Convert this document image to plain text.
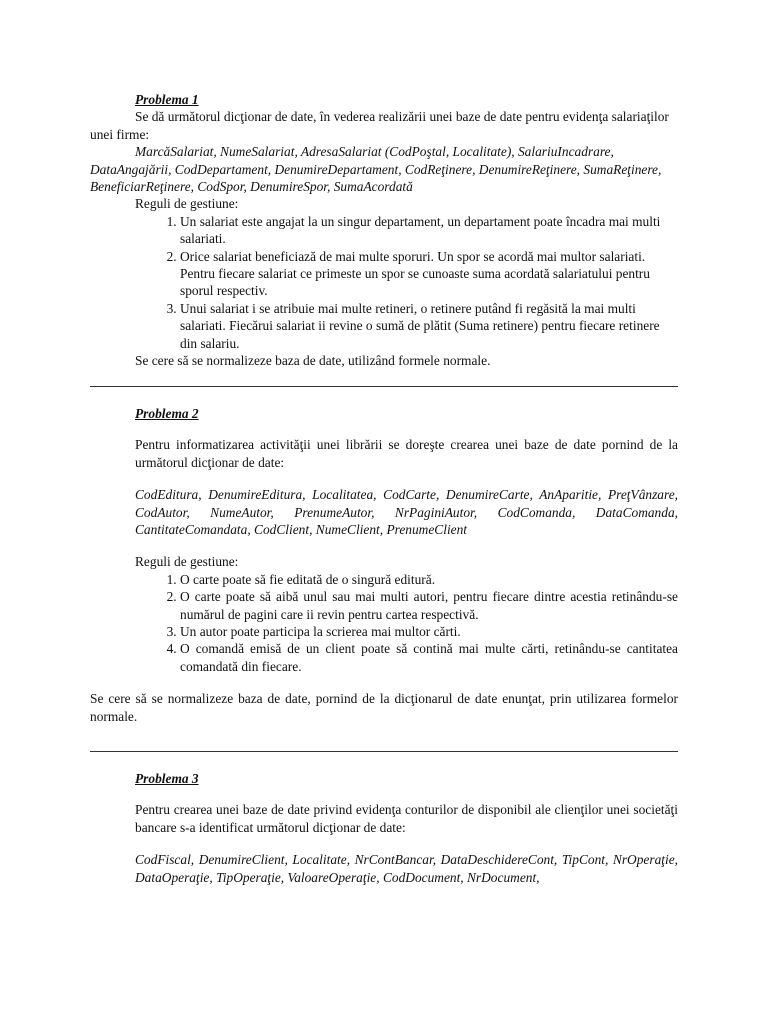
Problema 1

Se dă următorul dicţionar de date, în vederea realizării unei baze de date pentru evidenţa salariaţilor unei firme:

MarcăSalariat, NumeSalariat, AdresaSalariat (CodPoştal, Localitate), SalariuIncadrare, DataAngajării, CodDepartament, DenumireDepartament, CodReţinere, DenumireReţinere, SumaReţinere, BeneficiarReţinere, CodSpor, DenumireSpor, SumaAcordată

Reguli de gestiune:

1. Un salariat este angajat la un singur departament, un departament poate încadra mai multi salariati.
2. Orice salariat beneficiază de mai multe sporuri. Un spor se acordă mai multor salariati. Pentru fiecare salariat ce primeste un spor se cunoaste suma acordată salariatului pentru sporul respectiv.
3. Unui salariat i se atribuie mai multe retineri, o retinere putând fi regăsită la mai multi salariati. Fiecărui salariat ii revine o sumă de plătit (Suma retinere) pentru fiecare retinere din salariu.

Se cere să se normalizeze baza de date, utilizând formele normale.

Problema 2

Pentru informatizarea activităţii unei librării se doreşte crearea unei baze de date pornind de la următorul dicţionar de date:

CodEditura, DenumireEditura, Localitatea, CodCarte, DenumireCarte, AnAparitie, PreţVânzare, CodAutor, NumeAutor, PrenumeAutor, NrPaginiAutor, CodComanda, DataComanda, CantitateComandata, CodClient, NumeClient, PrenumeClient

Reguli de gestiune:

1. O carte poate să fie editată de o singură editură.
2. O carte poate să aibă unul sau mai multi autori, pentru fiecare dintre acestia retinându-se numărul de pagini care ii revin pentru cartea respectivă.
3. Un autor poate participa la scrierea mai multor cărti.
4. O comandă emisă de un client poate să contină mai multe cărti, retinându-se cantitatea comandată din fiecare.

Se cere să se normalizeze baza de date, pornind de la dicţionarul de date enunţat, prin utilizarea formelor normale.

Problema 3

Pentru crearea unei baze de date privind evidenţa conturilor de disponibil ale clienţilor unei societăţi bancare s-a identificat următorul dicţionar de date:

CodFiscal, DenumireClient, Localitate, NrContBancar, DataDeschidereCont, TipCont, NrOperaţie, DataOperaţie, TipOperaţie, ValoareOperaţie, CodDocument, NrDocument,
